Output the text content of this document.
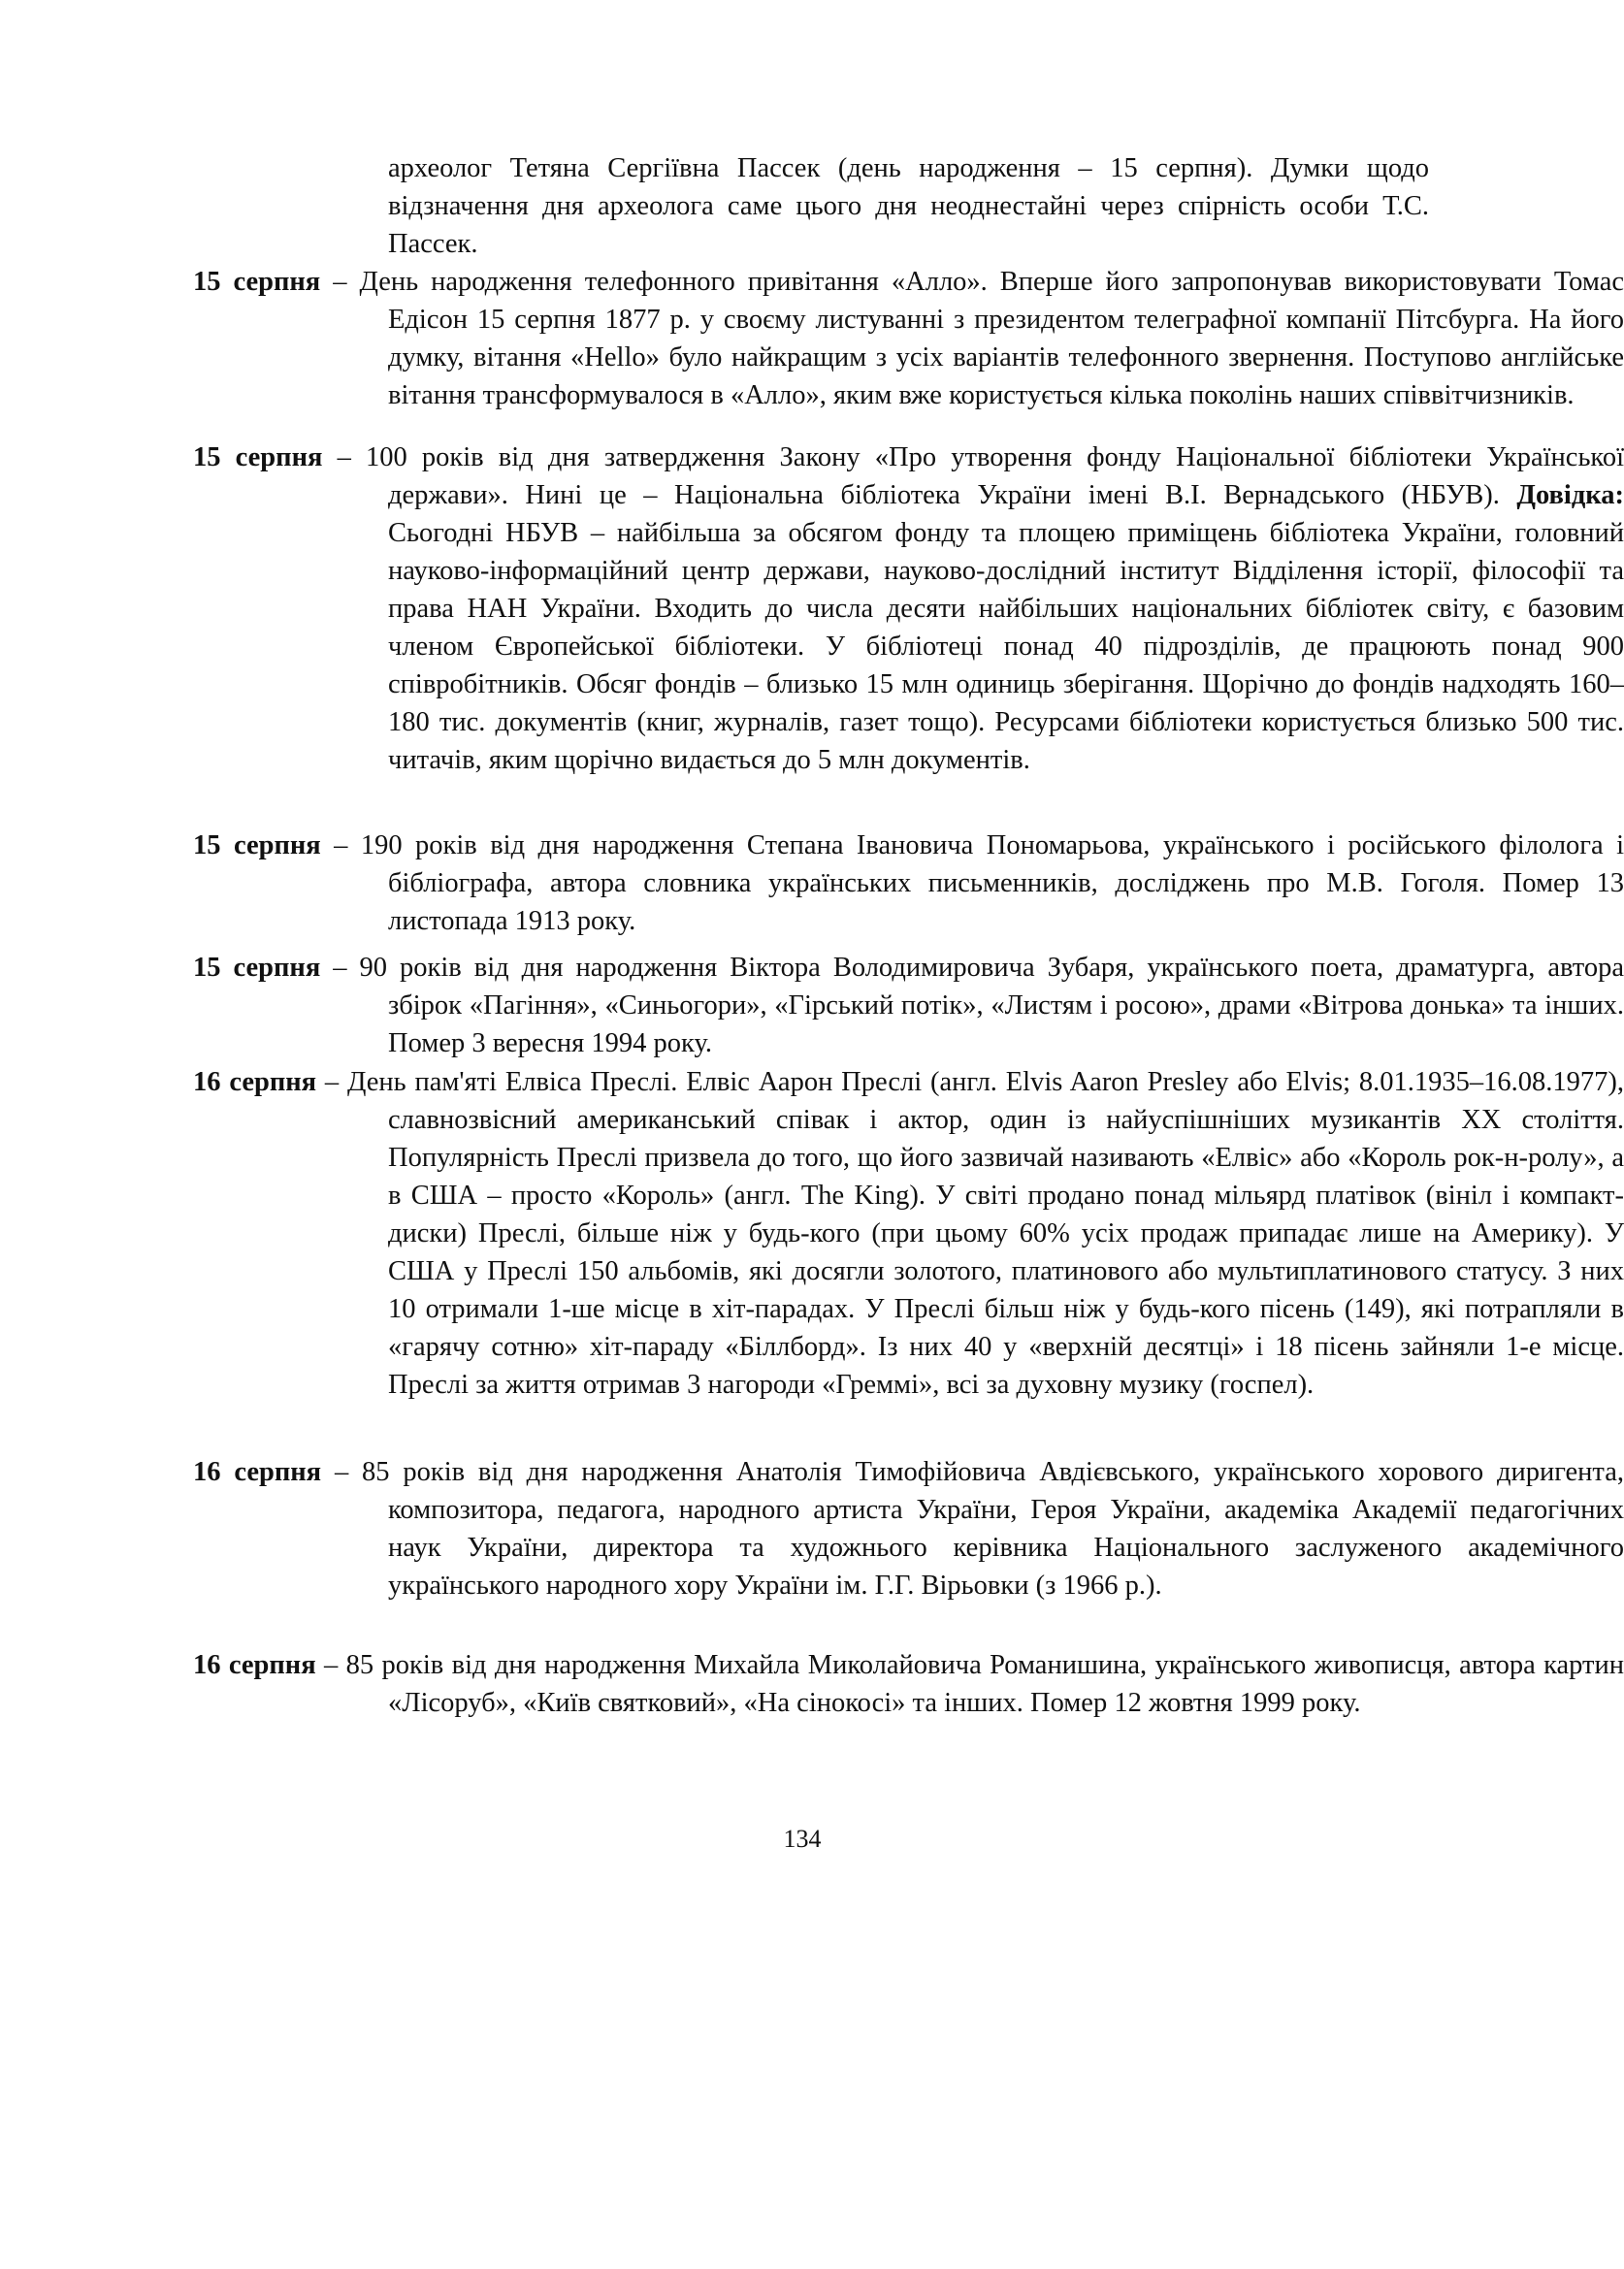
археолог Тетяна Сергіївна Пассек (день народження – 15 серпня). Думки щодо відзначення дня археолога саме цього дня неоднестайні через спірність особи Т.С. Пассек.

15 серпня – День народження телефонного привітання «Алло». Вперше його запропонував використовувати Томас Едісон 15 серпня 1877 р. у своєму листуванні з президентом телеграфної компанії Пітсбурга. На його думку, вітання «Hello» було найкращим з усіх варіантів телефонного звернення. Поступово англійське вітання трансформувалося в «Алло», яким вже користується кілька поколінь наших співвітчизників.

15 серпня – 100 років від дня затвердження Закону «Про утворення фонду Національної бібліотеки Української держави». Нині це – Національна бібліотека України імені В.І. Вернадського (НБУВ). Довідка: Сьогодні НБУВ – найбільша за обсягом фонду та площею приміщень бібліотека України, головний науково-інформаційний центр держави, науково-дослідний інститут Відділення історії, філософії та права НАН України. Входить до числа десяти найбільших національних бібліотек світу, є базовим членом Європейської бібліотеки. У бібліотеці понад 40 підрозділів, де працюють понад 900 співробітників. Обсяг фондів – близько 15 млн одиниць зберігання. Щорічно до фондів надходять 160–180 тис. документів (книг, журналів, газет тощо). Ресурсами бібліотеки користується близько 500 тис. читачів, яким щорічно видається до 5 млн документів.

15 серпня – 190 років від дня народження Степана Івановича Пономарьова, українського і російського філолога і бібліографа, автора словника українських письменників, досліджень про М.В. Гоголя. Помер 13 листопада 1913 року.

15 серпня – 90 років від дня народження Віктора Володимировича Зубаря, українського поета, драматурга, автора збірок «Пагіння», «Синьогори», «Гірський потік», «Листям і росою», драми «Вітрова донька» та інших. Помер 3 вересня 1994 року.

16 серпня – День пам'яті Елвіса Преслі. Елвіс Аарон Преслі (англ. Elvis Aaron Presley або Elvis; 8.01.1935–16.08.1977), славнозвісний американський співак і актор, один із найуспішніших музикантів XX століття. Популярність Преслі призвела до того, що його зазвичай називають «Елвіс» або «Король рок-н-ролу», а в США – просто «Король» (англ. The King). У світі продано понад мільярд платівок (вініл і компакт-диски) Преслі, більше ніж у будь-кого (при цьому 60% усіх продаж припадає лише на Америку). У США у Преслі 150 альбомів, які досягли золотого, платинового або мультиплатинового статусу. З них 10 отримали 1-ше місце в хіт-парадах. У Преслі більш ніж у будь-кого пісень (149), які потрапляли в «гарячу сотню» хіт-параду «Біллборд». Із них 40 у «верхній десятці» і 18 пісень зайняли 1-е місце. Преслі за життя отримав 3 нагороди «Греммі», всі за духовну музику (госпел).

16 серпня – 85 років від дня народження Анатолія Тимофійовича Авдієвського, українського хорового диригента, композитора, педагога, народного артиста України, Героя України, академіка Академії педагогічних наук України, директора та художнього керівника Національного заслуженого академічного українського народного хору України ім. Г.Г. Вірьовки (з 1966 р.).

16 серпня – 85 років від дня народження Михайла Миколайовича Романишина, українського живописця, автора картин «Лісоруб», «Київ святковий», «На сінокосі» та інших. Помер 12 жовтня 1999 року.

134
